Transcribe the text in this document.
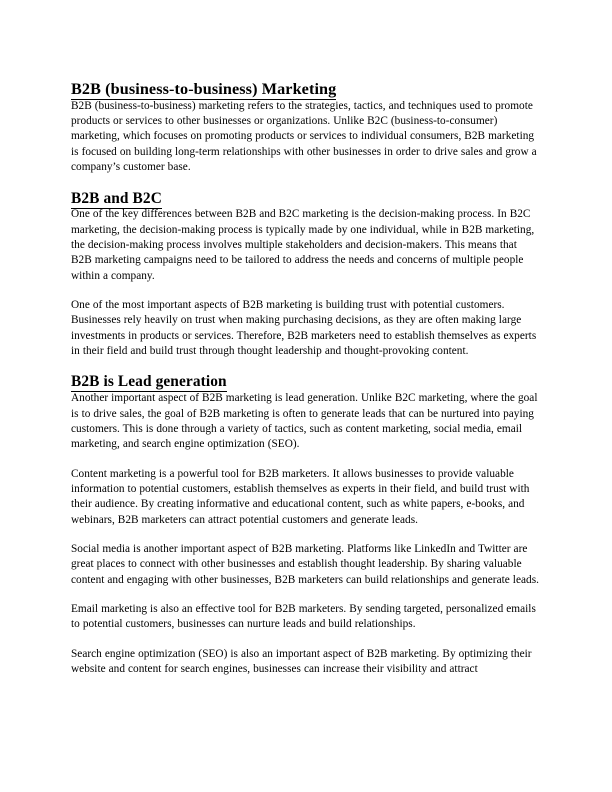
B2B (business-to-business) Marketing

B2B (business-to-business) marketing refers to the strategies, tactics, and techniques used to promote products or services to other businesses or organizations. Unlike B2C (business-to-consumer) marketing, which focuses on promoting products or services to individual consumers, B2B marketing is focused on building long-term relationships with other businesses in order to drive sales and grow a company’s customer base.

B2B and B2C

One of the key differences between B2B and B2C marketing is the decision-making process. In B2C marketing, the decision-making process is typically made by one individual, while in B2B marketing, the decision-making process involves multiple stakeholders and decision-makers. This means that B2B marketing campaigns need to be tailored to address the needs and concerns of multiple people within a company.

One of the most important aspects of B2B marketing is building trust with potential customers. Businesses rely heavily on trust when making purchasing decisions, as they are often making large investments in products or services. Therefore, B2B marketers need to establish themselves as experts in their field and build trust through thought leadership and thought-provoking content.

B2B is Lead generation

Another important aspect of B2B marketing is lead generation. Unlike B2C marketing, where the goal is to drive sales, the goal of B2B marketing is often to generate leads that can be nurtured into paying customers. This is done through a variety of tactics, such as content marketing, social media, email marketing, and search engine optimization (SEO).

Content marketing is a powerful tool for B2B marketers. It allows businesses to provide valuable information to potential customers, establish themselves as experts in their field, and build trust with their audience. By creating informative and educational content, such as white papers, e-books, and webinars, B2B marketers can attract potential customers and generate leads.

Social media is another important aspect of B2B marketing. Platforms like LinkedIn and Twitter are great places to connect with other businesses and establish thought leadership. By sharing valuable content and engaging with other businesses, B2B marketers can build relationships and generate leads.

Email marketing is also an effective tool for B2B marketers. By sending targeted, personalized emails to potential customers, businesses can nurture leads and build relationships.

Search engine optimization (SEO) is also an important aspect of B2B marketing. By optimizing their website and content for search engines, businesses can increase their visibility and attract
